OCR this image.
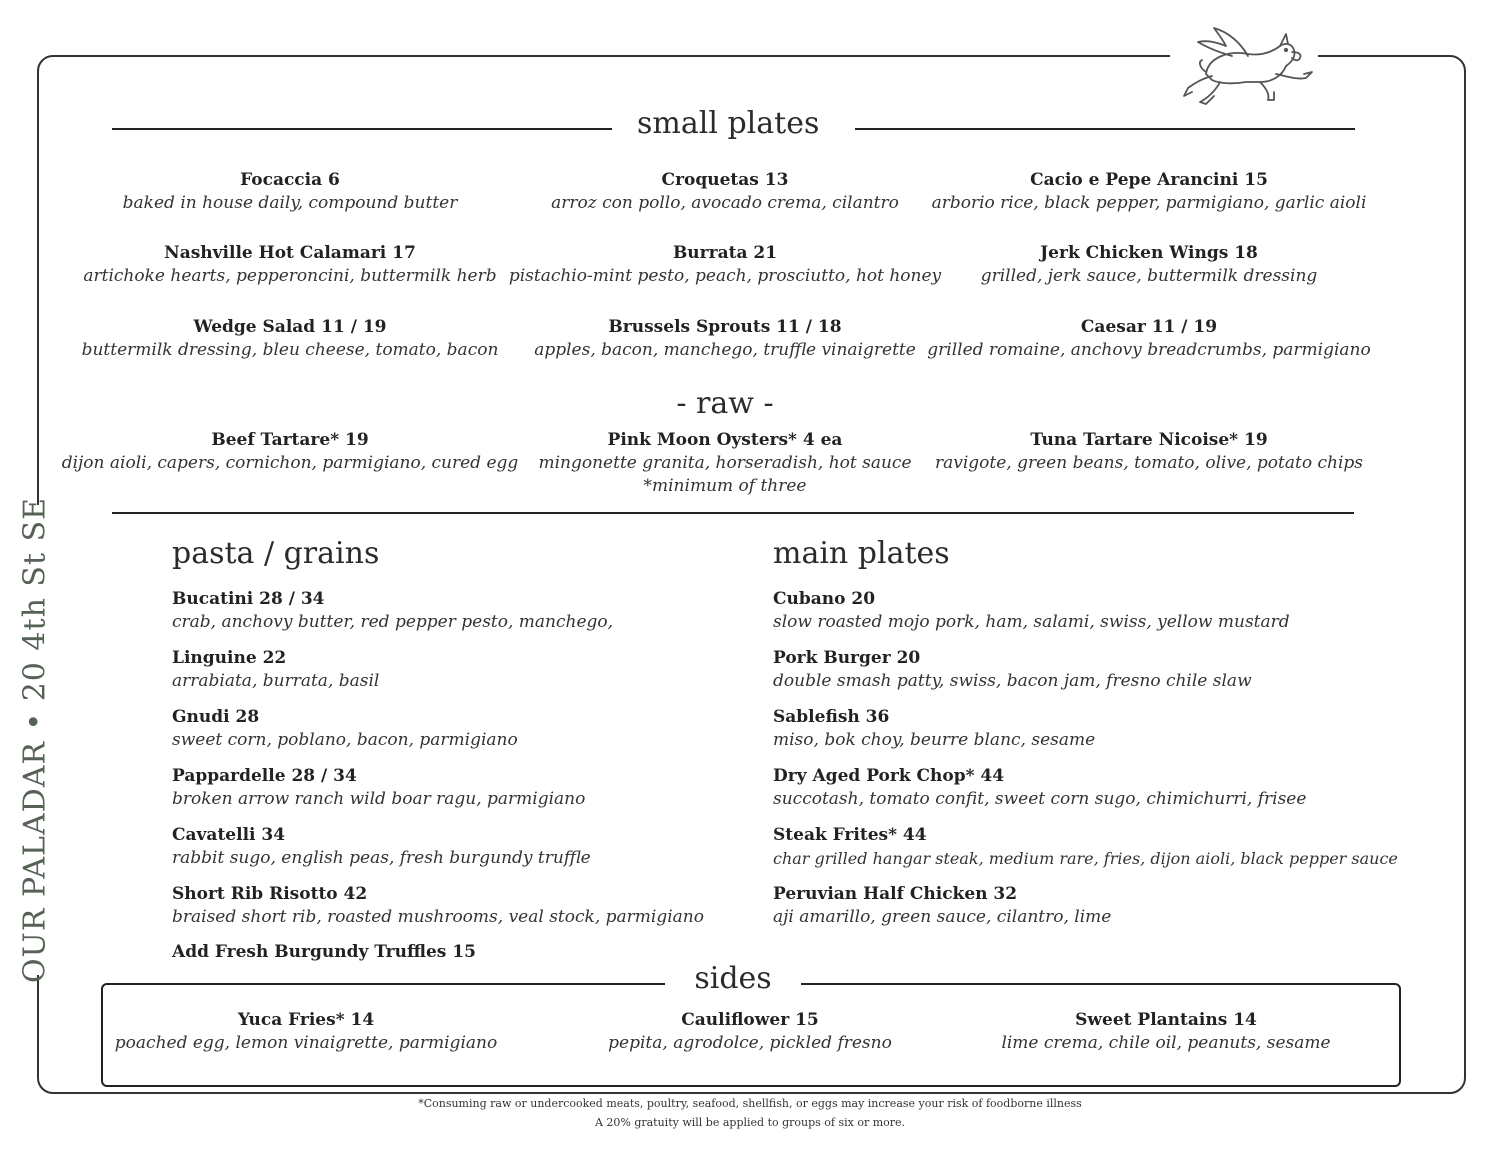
OUR PALADAR • 20 4th St SE
small plates
Focaccia 6
baked in house daily, compound butter
Croquetas 13
arroz con pollo, avocado crema, cilantro
Cacio e Pepe Arancini 15
arborio rice, black pepper, parmigiano, garlic aioli
Nashville Hot Calamari 17
artichoke hearts, pepperoncini, buttermilk herb
Burrata 21
pistachio-mint pesto, peach, prosciutto, hot honey
Jerk Chicken Wings 18
grilled, jerk sauce, buttermilk dressing
Wedge Salad 11 / 19
buttermilk dressing, bleu cheese, tomato, bacon
Brussels Sprouts 11 / 18
apples, bacon, manchego, truffle vinaigrette
Caesar 11 / 19
grilled romaine, anchovy breadcrumbs, parmigiano
- raw -
Beef Tartare* 19
dijon aioli, capers, cornichon, parmigiano, cured egg
Pink Moon Oysters* 4 ea
mingonette granita, horseradish, hot sauce
*minimum of three
Tuna Tartare Nicoise* 19
ravigote, green beans, tomato, olive, potato chips
pasta / grains
Bucatini 28 / 34
crab, anchovy butter, red pepper pesto, manchego,
Linguine 22
arrabiata, burrata, basil
Gnudi 28
sweet corn, poblano, bacon, parmigiano
Pappardelle 28 / 34
broken arrow ranch wild boar ragu, parmigiano
Cavatelli 34
rabbit sugo, english peas, fresh burgundy truffle
Short Rib Risotto 42
braised short rib, roasted mushrooms, veal stock, parmigiano
Add Fresh Burgundy Truffles 15
main plates
Cubano 20
slow roasted mojo pork, ham, salami, swiss, yellow mustard
Pork Burger 20
double smash patty, swiss, bacon jam, fresno chile slaw
Sablefish 36
miso, bok choy, beurre blanc, sesame
Dry Aged Pork Chop* 44
succotash, tomato confit, sweet corn sugo, chimichurri, frisee
Steak Frites* 44
char grilled hangar steak, medium rare, fries, dijon aioli, black pepper sauce
Peruvian Half Chicken 32
aji amarillo, green sauce, cilantro, lime
sides
Yuca Fries* 14
poached egg, lemon vinaigrette, parmigiano
Cauliflower 15
pepita, agrodolce, pickled fresno
Sweet Plantains 14
lime crema, chile oil, peanuts, sesame
*Consuming raw or undercooked meats, poultry, seafood, shellfish, or eggs may increase your risk of foodborne illness
A 20% gratuity will be applied to groups of six or more.
